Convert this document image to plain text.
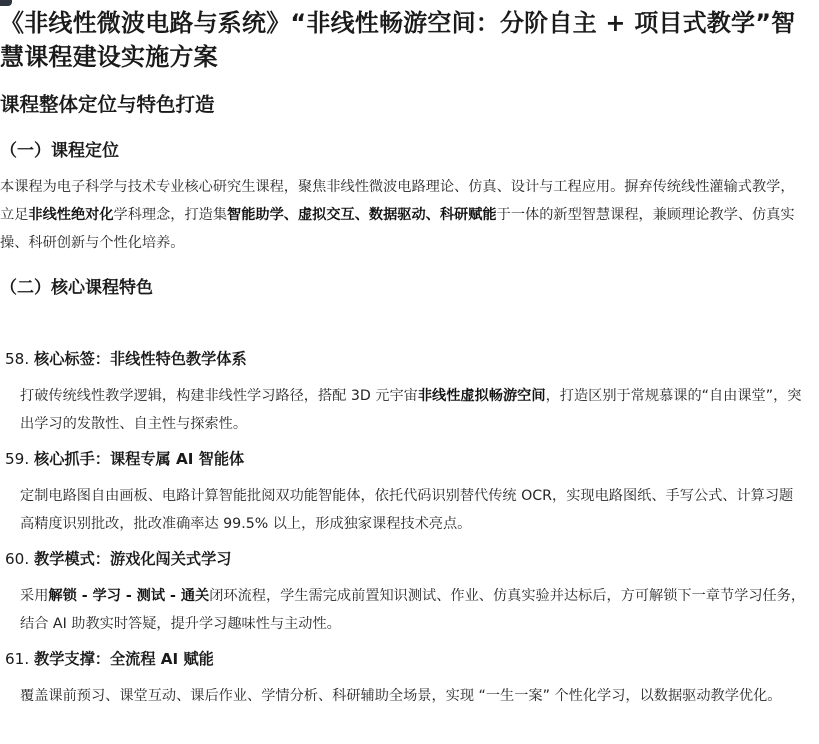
《非线性微波电路与系统》“非线性畅游空间：分阶自主 + 项目式教学”智慧课程建设实施方案
课程整体定位与特色打造
（一）课程定位

本课程为电子科学与技术专业核心研究生课程，聚焦非线性微波电路理论、仿真、设计与工程应用。摒弃传统线性灌输式教学，立足非线性绝对化学科理念，打造集智能助学、虚拟交互、数据驱动、科研赋能于一体的新型智慧课程，兼顾理论教学、仿真实操、科研创新与个性化培养。

（二）核心课程特色

58. 核心标签：非线性特色教学体系

打破传统线性教学逻辑，构建非线性学习路径，搭配 3D 元宇宙非线性虚拟畅游空间，打造区别于常规慕课的“自由课堂”，突出学习的发散性、自主性与探索性。

59. 核心抓手：课程专属 AI 智能体

定制电路图自由画板、电路计算智能批阅双功能智能体，依托代码识别替代传统 OCR，实现电路图纸、手写公式、计算习题高精度识别批改，批改准确率达 99.5% 以上，形成独家课程技术亮点。

60. 教学模式：游戏化闯关式学习

采用解锁 - 学习 - 测试 - 通关闭环流程，学生需完成前置知识测试、作业、仿真实验并达标后，方可解锁下一章节学习任务，结合 AI 助教实时答疑，提升学习趣味性与主动性。

61. 教学支撑：全流程 AI 赋能

覆盖课前预习、课堂互动、课后作业、学情分析、科研辅助全场景，实现 “一生一案” 个性化学习，以数据驱动教学优化。
